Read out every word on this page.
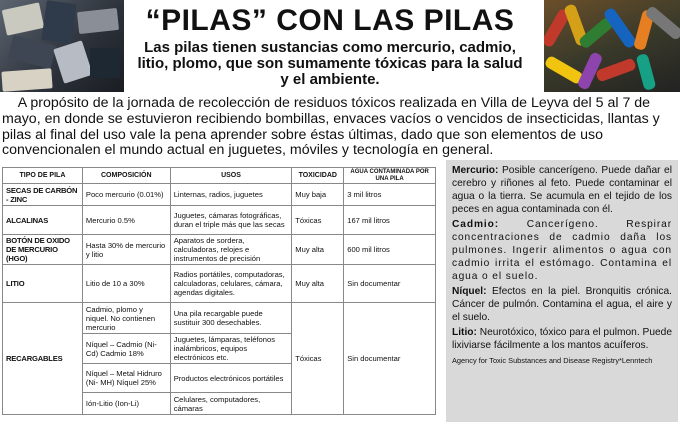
“PILAS” CON LAS PILAS
Las pilas tienen sustancias como mercurio, cadmio, litio, plomo, que son sumamente tóxicas para la salud y el ambiente.

A propósito de la jornada de recolección de residuos tóxicos realizada en Villa de Leyva del 5 al 7 de mayo, en donde se estuvieron recibiendo bombillas, envaces vacíos o vencidos de insecticidas, llantas y pilas al final del uso vale la pena aprender sobre éstas últimas, dado que son elementos de uso convencionalen el mundo actual en juguetes, móviles y tecnología en general.

TIPO DE PILA	COMPOSICIÓN	USOS	TOXICIDAD	AGUA CONTAMINADA POR UNA PILA
SECAS DE CARBÓN - ZINC	Poco mercurio (0.01%)	Linternas, radios, juguetes	Muy baja	3 mil litros
ALCALINAS	Mercurio 0.5%	Juguetes, cámaras fotográficas, duran el triple más que las secas	Tóxicas	167 mil litros
BOTÓN DE OXIDO DE MERCURIO (HGO)	Hasta 30% de mercurio y litio	Aparatos de sordera, calculadoras, relojes e instrumentos de precisión	Muy alta	600 mil litros
LITIO	Litio de 10 a 30%	Radios portátiles, computadoras, calculadoras, celulares, cámara, agendas digitales.	Muy alta	Sin documentar
RECARGABLES	Cadmio, plomo y niquel. No contienen mercurio	Una pila recargable puede sustituir 300 desechables.	Tóxicas	Sin documentar
	Níquel – Cadmio (Ni-Cd) Cadmio 18%	Juguetes, lámparas, teléfonos inalámbricos, equipos electrónicos etc.		
	Níquel – Metal Hidruro (Ni- MH) Níquel 25%	Productos electrónicos portátiles		
	Ión-Litio (Ion-Li)	Celulares, computadores, cámaras		

Mercurio: Posible cancerígeno. Puede dañar el cerebro y riñones al feto. Puede contaminar el agua o la tierra. Se acumula en el tejido de los peces en agua contaminada con él.

Cadmio: Cancerígeno. Respirar concentraciones de cadmio daña los pulmones. Ingerir alimentos o agua con cadmio irrita el estómago. Contamina el agua o el suelo.

Níquel: Efectos en la piel. Bronquitis crónica. Cáncer de pulmón. Contamina el agua, el aire y el suelo.

Litio: Neurotóxico, tóxico para el pulmon. Puede lixiviarse fácilmente a los mantos acuíferos.

Agency for Toxic Substances and Disease Registry*Lenntech
